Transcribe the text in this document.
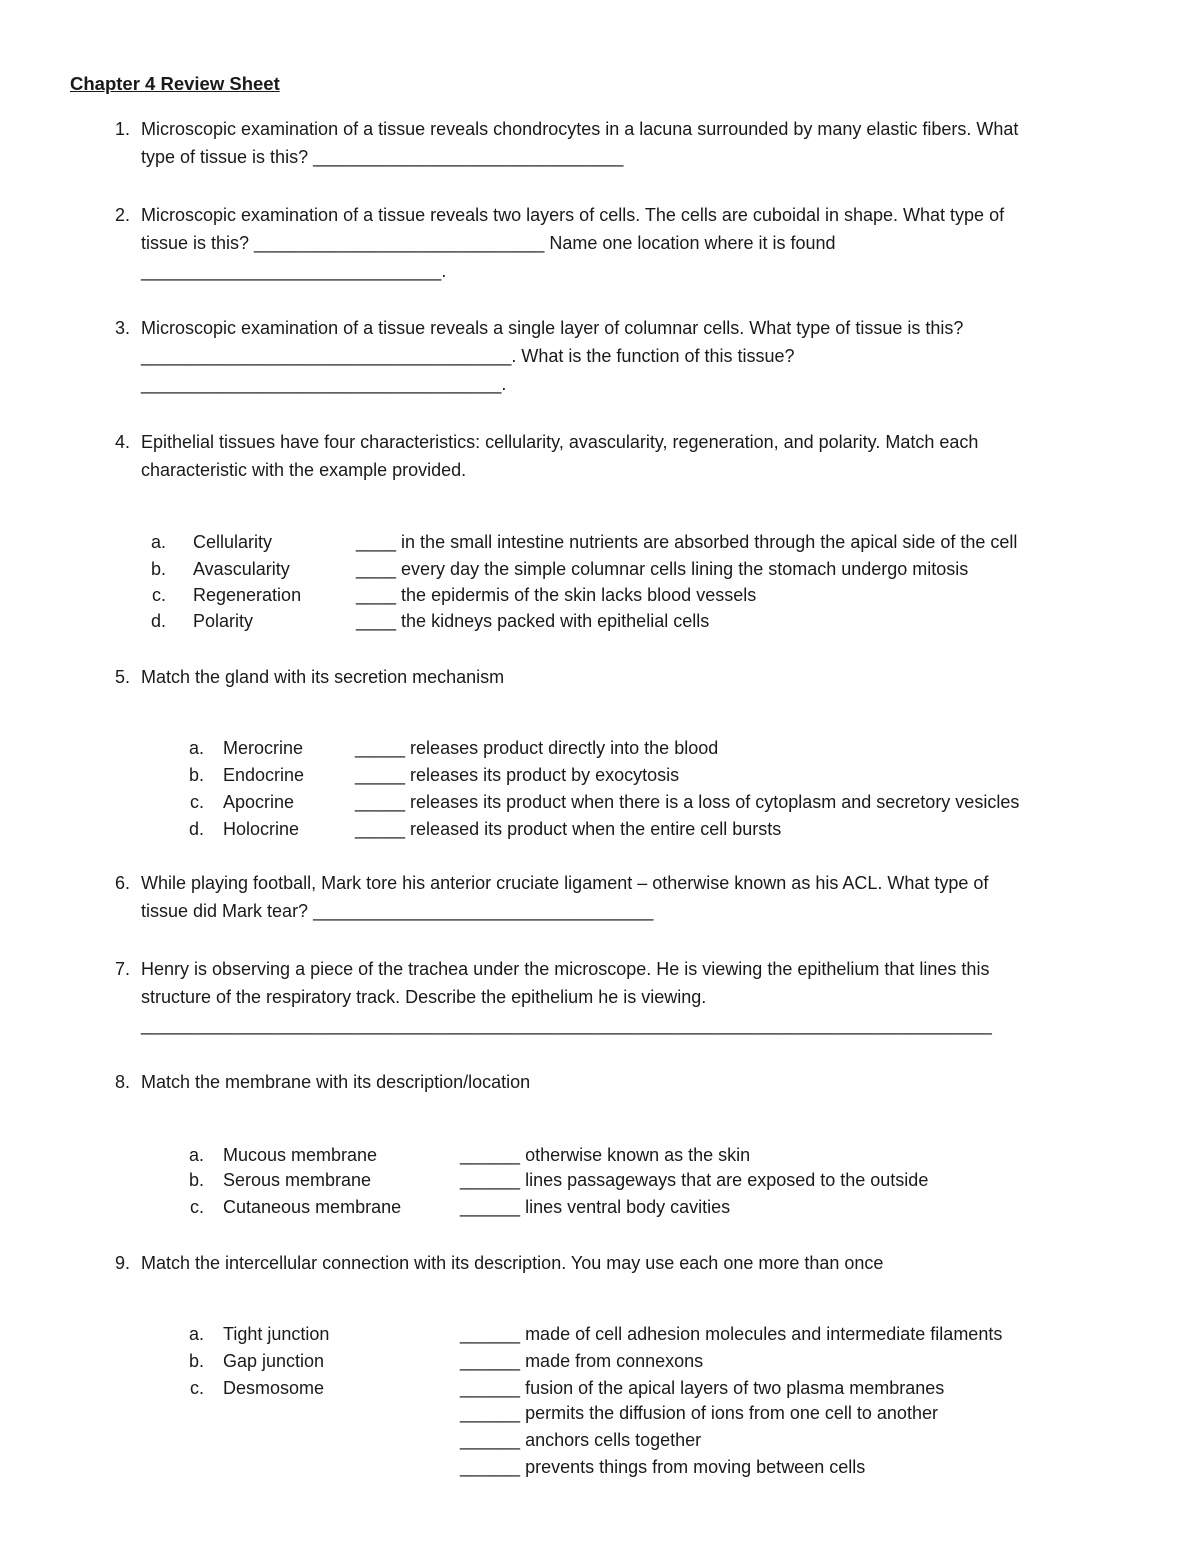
Chapter 4 Review Sheet
1. Microscopic examination of a tissue reveals chondrocytes in a lacuna surrounded by many elastic fibers. What
type of tissue is this? _______________________________
2. Microscopic examination of a tissue reveals two layers of cells. The cells are cuboidal in shape. What type of
tissue is this? _____________________________ Name one location where it is found
______________________________.
3. Microscopic examination of a tissue reveals a single layer of columnar cells. What type of tissue is this?
_____________________________________. What is the function of this tissue?
____________________________________.
4. Epithelial tissues have four characteristics: cellularity, avascularity, regeneration, and polarity. Match each
characteristic with the example provided.
a. Cellularity	____ in the small intestine nutrients are absorbed through the apical side of the cell
b. Avascularity	____ every day the simple columnar cells lining the stomach undergo mitosis
c. Regeneration	____ the epidermis of the skin lacks blood vessels
d. Polarity	____ the kidneys packed with epithelial cells
5. Match the gland with its secretion mechanism
a. Merocrine	_____ releases product directly into the blood
b. Endocrine	_____ releases its product by exocytosis
c. Apocrine	_____ releases its product when there is a loss of cytoplasm and secretory vesicles
d. Holocrine	_____ released its product when the entire cell bursts
6. While playing football, Mark tore his anterior cruciate ligament – otherwise known as his ACL. What type of
tissue did Mark tear? __________________________________
7. Henry is observing a piece of the trachea under the microscope. He is viewing the epithelium that lines this
structure of the respiratory track. Describe the epithelium he is viewing.
_____________________________________________________________________________________
8. Match the membrane with its description/location
a. Mucous membrane	______ otherwise known as the skin
b. Serous membrane	______ lines passageways that are exposed to the outside
c. Cutaneous membrane	______ lines ventral body cavities
9. Match the intercellular connection with its description. You may use each one more than once
a. Tight junction	______ made of cell adhesion molecules and intermediate filaments
b. Gap junction	______ made from connexons
c. Desmosome	______ fusion of the apical layers of two plasma membranes
______ permits the diffusion of ions from one cell to another
______ anchors cells together
______ prevents things from moving between cells
